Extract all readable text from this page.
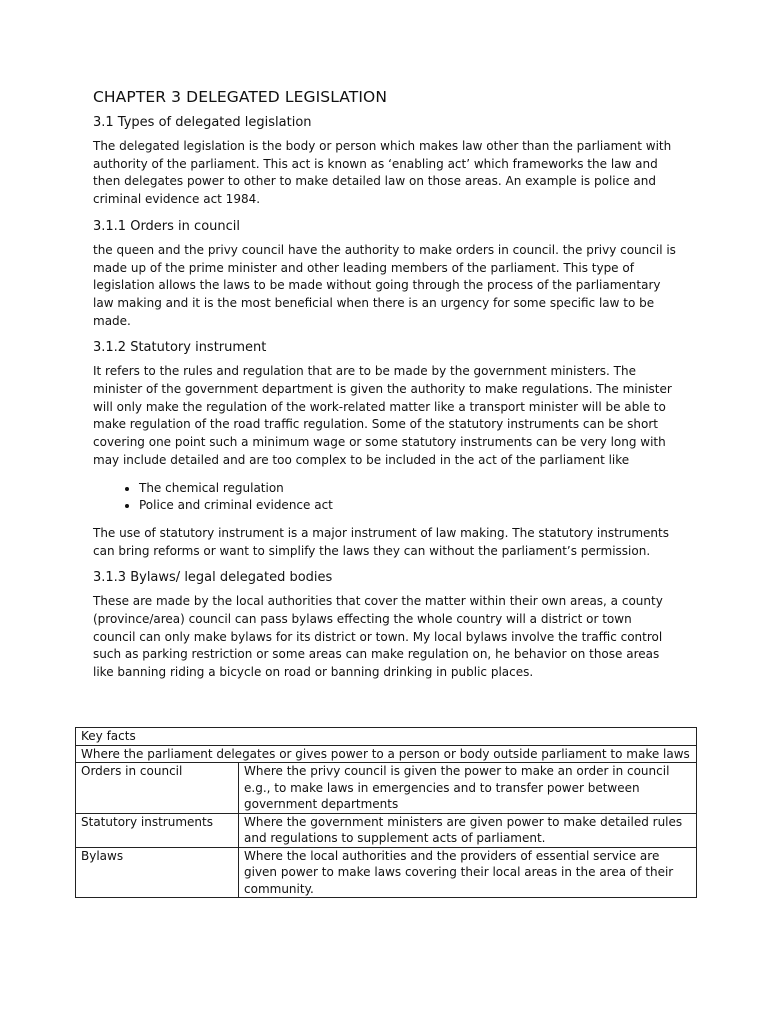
CHAPTER 3 DELEGATED LEGISLATION
3.1 Types of delegated legislation

The delegated legislation is the body or person which makes law other than the parliament with authority of the parliament. This act is known as ‘enabling act’ which frameworks the law and then delegates power to other to make detailed law on those areas. An example is police and criminal evidence act 1984.

3.1.1 Orders in council

the queen and the privy council have the authority to make orders in council. the privy council is made up of the prime minister and other leading members of the parliament. This type of legislation allows the laws to be made without going through the process of the parliamentary law making and it is the most beneficial when there is an urgency for some specific law to be made.

3.1.2 Statutory instrument

It refers to the rules and regulation that are to be made by the government ministers. The minister of the government department is given the authority to make regulations. The minister will only make the regulation of the work-related matter like a transport minister will be able to make regulation of the road traffic regulation. Some of the statutory instruments can be short covering one point such a minimum wage or some statutory instruments can be very long with may include detailed and are too complex to be included in the act of the parliament like

• The chemical regulation
• Police and criminal evidence act

The use of statutory instrument is a major instrument of law making. The statutory instruments can bring reforms or want to simplify the laws they can without the parliament’s permission.

3.1.3 Bylaws/ legal delegated bodies

These are made by the local authorities that cover the matter within their own areas, a county (province/area) council can pass bylaws effecting the whole country will a district or town council can only make bylaws for its district or town. My local bylaws involve the traffic control such as parking restriction or some areas can make regulation on, he behavior on those areas like banning riding a bicycle on road or banning drinking in public places.

Key facts	
Where the parliament delegates or gives power to a person or body outside parliament to make laws	
Orders in council	Where the privy council is given the power to make an order in council e.g., to make laws in emergencies and to transfer power between government departments
Statutory instruments	Where the government ministers are given power to make detailed rules and regulations to supplement acts of parliament.
Bylaws	Where the local authorities and the providers of essential service are given power to make laws covering their local areas in the area of their community.
